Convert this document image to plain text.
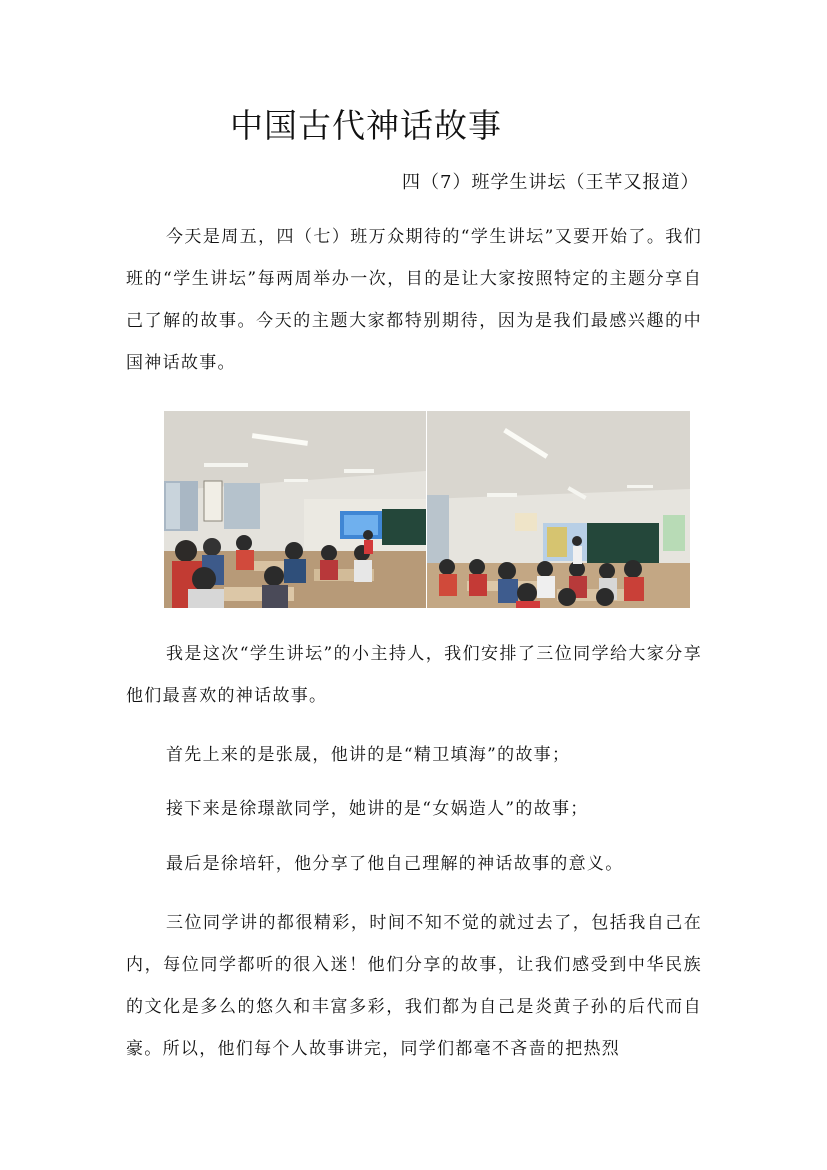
中国古代神话故事
四（7）班学生讲坛（王芊又报道）

今天是周五，四（七）班万众期待的“学生讲坛”又要开始了。我们班的“学生讲坛”每两周举办一次，目的是让大家按照特定的主题分享自己了解的故事。今天的主题大家都特别期待，因为是我们最感兴趣的中国神话故事。

我是这次“学生讲坛”的小主持人，我们安排了三位同学给大家分享他们最喜欢的神话故事。

首先上来的是张晟，他讲的是“精卫填海”的故事；

接下来是徐璟歆同学，她讲的是“女娲造人”的故事；

最后是徐培轩，他分享了他自己理解的神话故事的意义。

三位同学讲的都很精彩，时间不知不觉的就过去了，包括我自己在内，每位同学都听的很入迷！他们分享的故事，让我们感受到中华民族的文化是多么的悠久和丰富多彩，我们都为自己是炎黄子孙的后代而自豪。所以，他们每个人故事讲完，同学们都毫不吝啬的把热烈
